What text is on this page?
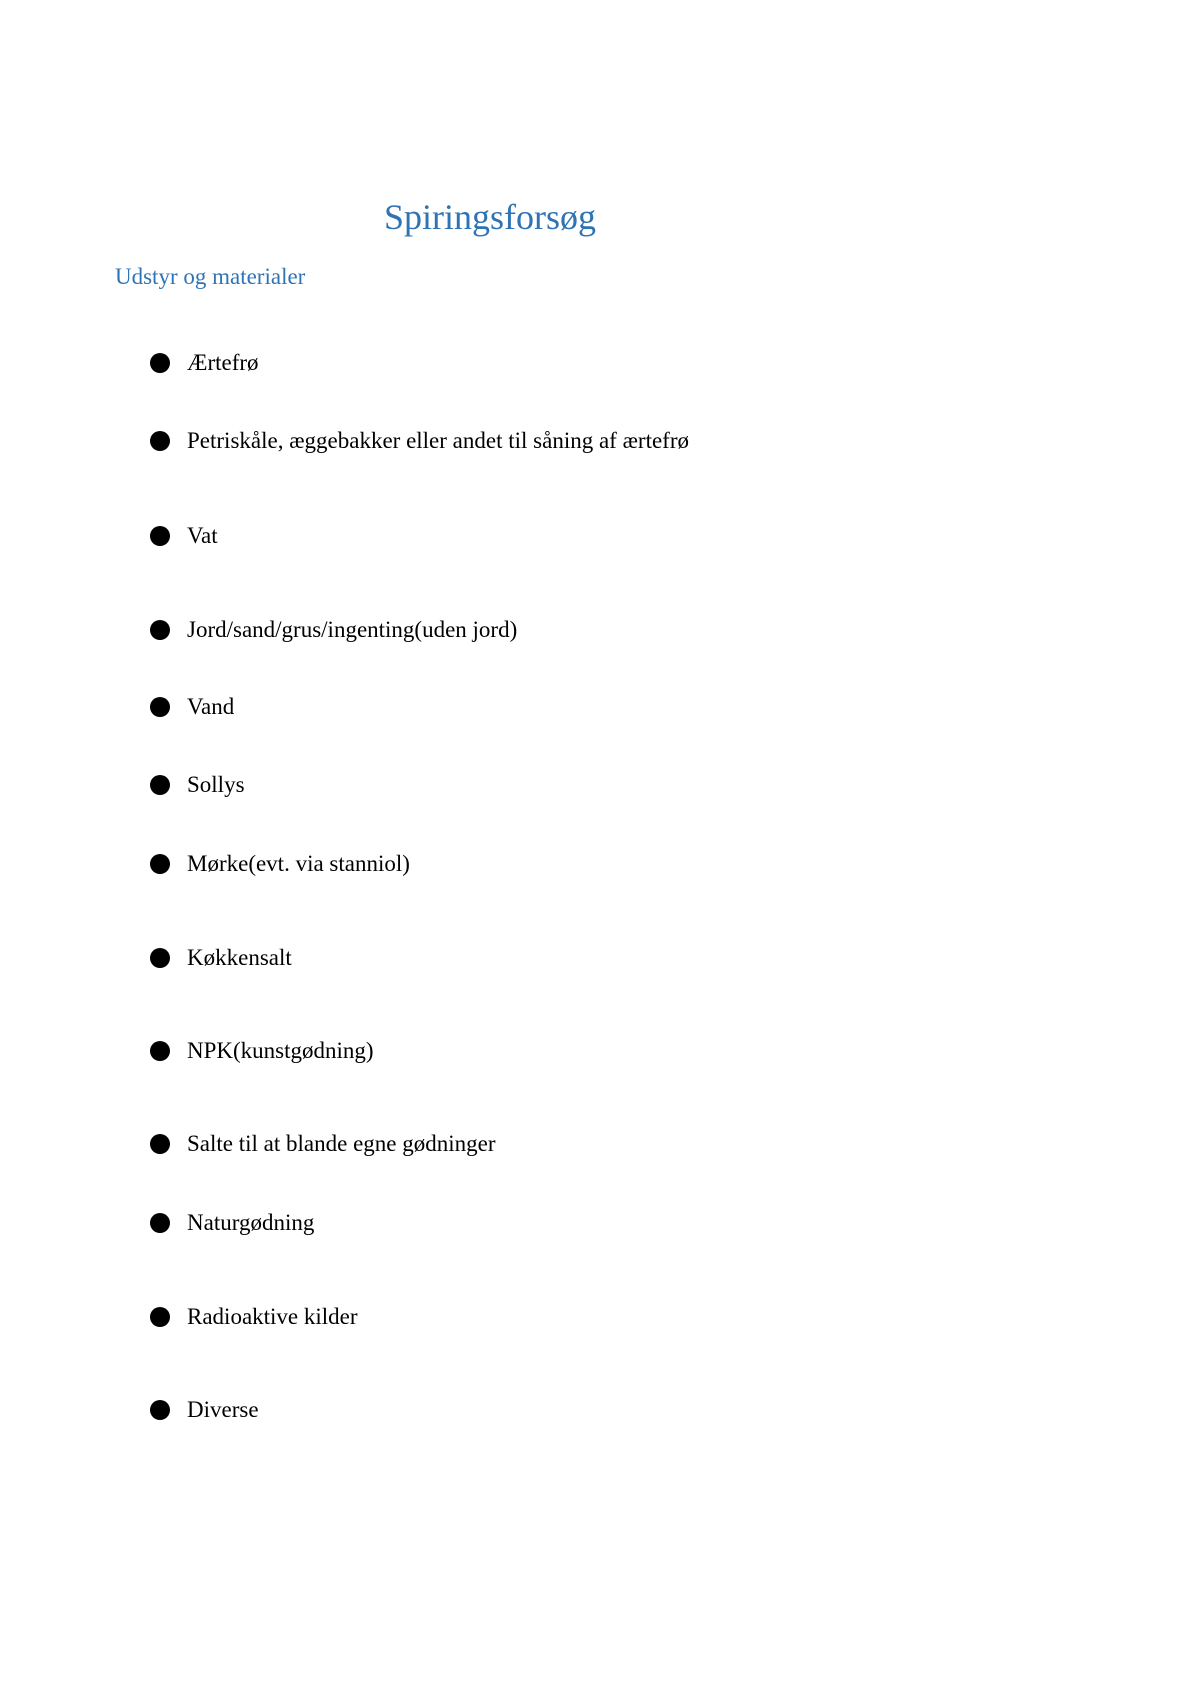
Spiringsforsøg
Udstyr og materialer
Ærtefrø
Petriskåle, æggebakker eller andet til såning af ærtefrø
Vat
Jord/sand/grus/ingenting(uden jord)
Vand
Sollys
Mørke(evt. via stanniol)
Køkkensalt
NPK(kunstgødning)
Salte til at blande egne gødninger
Naturgødning
Radioaktive kilder
Diverse
